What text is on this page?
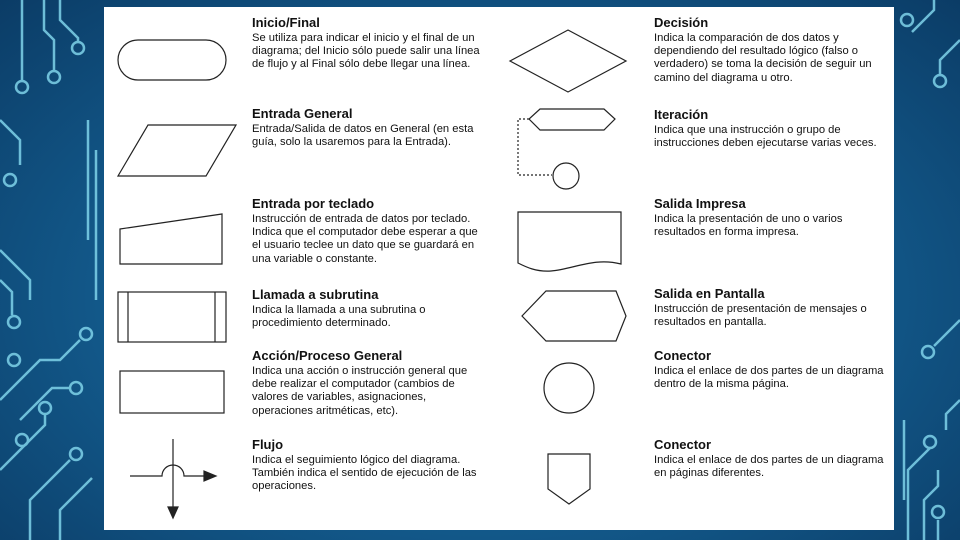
Inicio/Final

Se utiliza para indicar el inicio y el final de un diagrama; del Inicio sólo puede salir una línea de flujo y al Final sólo debe llegar una línea.

Entrada General

Entrada/Salida de datos en General (en esta guía, solo la usaremos para la Entrada).

Entrada por teclado

Instrucción de entrada de datos por teclado. Indica que el computador debe esperar a que el usuario teclee un dato que se guardará en una variable o constante.

Llamada a subrutina

Indica la llamada a una subrutina o procedimiento determinado.

Acción/Proceso General

Indica una acción o instrucción general que debe realizar el computador (cambios de valores de variables, asignaciones, operaciones aritméticas, etc).

Flujo

Indica el seguimiento lógico del diagrama. También indica el sentido de ejecución de las operaciones.

Decisión

Indica la comparación de dos datos y dependiendo del resultado lógico (falso o verdadero) se toma la decisión de seguir un camino del diagrama u otro.

Iteración

Indica que una instrucción o grupo de instrucciones deben ejecutarse varias veces.

Salida Impresa

Indica la presentación de uno o varios resultados en forma impresa.

Salida en Pantalla

Instrucción de presentación de mensajes o resultados en pantalla.

Conector

Indica el enlace de dos partes de un diagrama dentro de la misma página.

Conector

Indica el enlace de dos partes de un diagrama en páginas diferentes.
